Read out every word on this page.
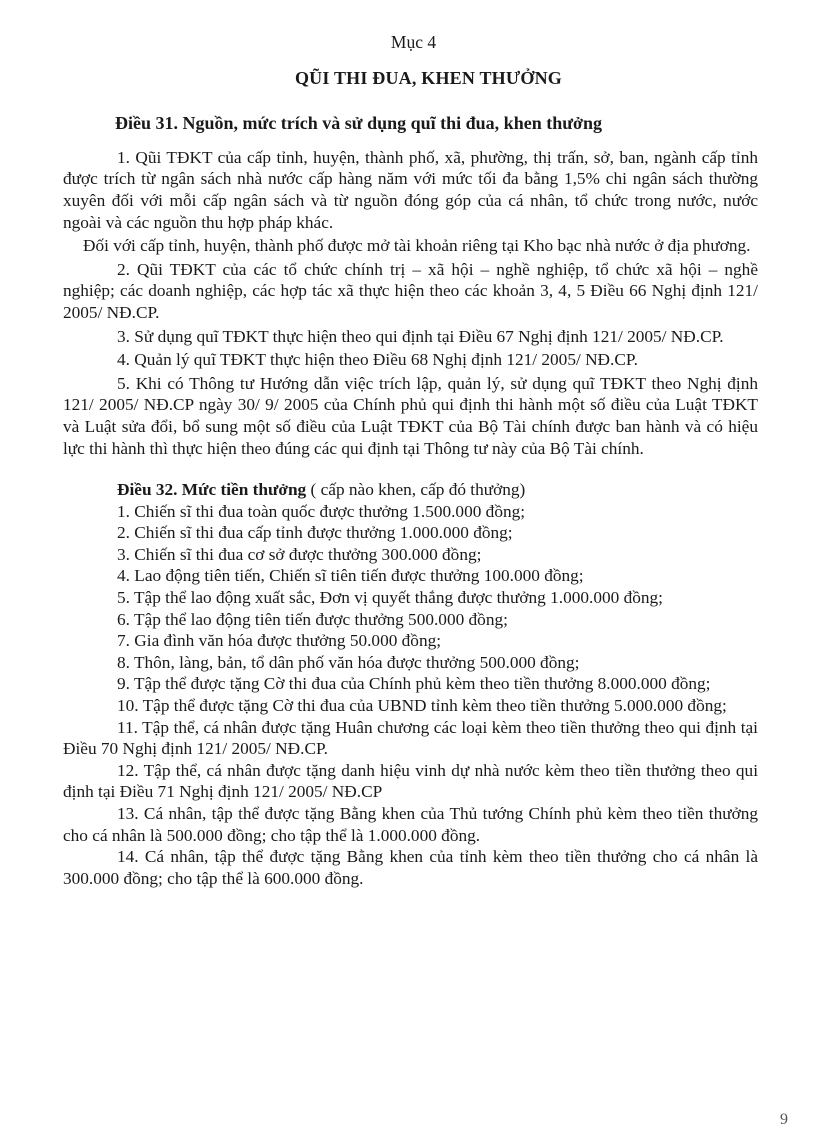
Mục 4
QŨI THI ĐUA, KHEN THƯỞNG
Điều 31. Nguồn, mức trích và sử dụng quĩ thi đua, khen thưởng

1. Qũi TĐKT của cấp tỉnh, huyện, thành phố, xã, phường, thị trấn, sở, ban, ngành cấp tỉnh được trích từ ngân sách nhà nước cấp hàng năm với mức tối đa bằng 1,5% chi ngân sách thường xuyên đối với mỗi cấp ngân sách và từ nguồn đóng góp của cá nhân, tổ chức trong nước, nước ngoài và các nguồn thu hợp pháp khác.

Đối với cấp tỉnh, huyện, thành phố được mở tài khoản riêng tại Kho bạc nhà nước ở địa phương.

2. Qũi TĐKT của các tổ chức chính trị – xã hội – nghề nghiệp, tổ chức xã hội – nghề nghiệp; các doanh nghiệp, các hợp tác xã thực hiện theo các khoản 3, 4, 5 Điều 66 Nghị định 121/ 2005/ NĐ.CP.

3. Sử dụng quĩ TĐKT thực hiện theo qui định tại Điều 67 Nghị định 121/ 2005/ NĐ.CP.

4. Quản lý quĩ TĐKT thực hiện theo Điều 68 Nghị định 121/ 2005/ NĐ.CP.

5. Khi có Thông tư Hướng dẫn việc trích lập, quản lý, sử dụng quĩ TĐKT theo Nghị định 121/ 2005/ NĐ.CP ngày 30/ 9/ 2005 của Chính phủ qui định thi hành một số điều của Luật TĐKT và Luật sửa đổi, bổ sung một số điều của Luật TĐKT của Bộ Tài chính được ban hành và có hiệu lực thi hành thì thực hiện theo đúng các qui định tại Thông tư này của Bộ Tài chính.

Điều 32. Mức tiền thưởng ( cấp nào khen, cấp đó thưởng)

1. Chiến sĩ thi đua toàn quốc được thưởng 1.500.000 đồng;

2. Chiến sĩ thi đua cấp tỉnh được thưởng 1.000.000 đồng;

3. Chiến sĩ thi đua cơ sở được thưởng 300.000 đồng;

4. Lao động tiên tiến, Chiến sĩ tiên tiến được thưởng 100.000 đồng;

5. Tập thể lao động xuất sắc, Đơn vị quyết thắng được thưởng 1.000.000 đồng;

6. Tập thể lao động tiên tiến được thưởng 500.000 đồng;

7. Gia đình văn hóa được thưởng 50.000 đồng;

8. Thôn, làng, bản, tổ dân phố văn hóa được thưởng 500.000 đồng;

9. Tập thể được tặng Cờ thi đua của Chính phủ kèm theo tiền thưởng 8.000.000 đồng;

10. Tập thể được tặng Cờ thi đua của UBND tỉnh kèm theo tiền thưởng 5.000.000 đồng;

11. Tập thể, cá nhân được tặng Huân chương các loại kèm theo tiền thưởng theo qui định tại Điều 70 Nghị định 121/ 2005/ NĐ.CP.

12. Tập thể, cá nhân được tặng danh hiệu vinh dự nhà nước kèm theo tiền thưởng theo qui định tại Điều 71 Nghị định 121/ 2005/ NĐ.CP

13. Cá nhân, tập thể được tặng Bằng khen của Thủ tướng Chính phủ kèm theo tiền thưởng cho cá nhân là 500.000 đồng; cho tập thể là 1.000.000 đồng.

14. Cá nhân, tập thể được tặng Bằng khen của tỉnh kèm theo tiền thưởng cho cá nhân là 300.000 đồng; cho tập thể là 600.000 đồng.

9
